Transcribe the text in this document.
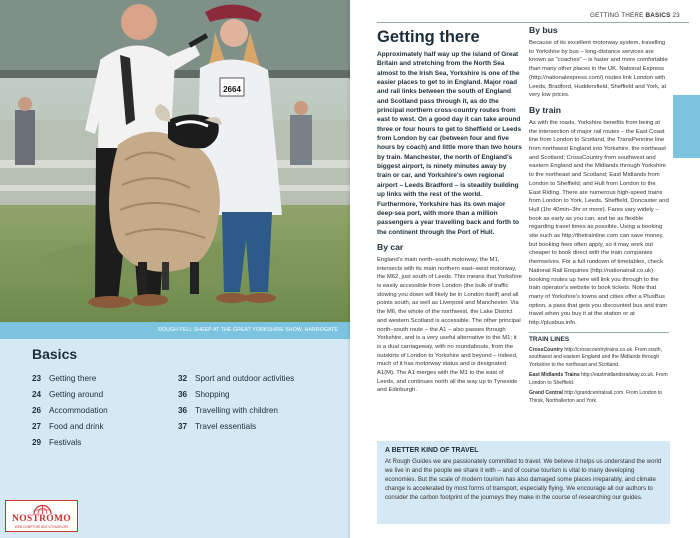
2664
ROUGH FELL SHEEP AT THE GREAT YORKSHIRE SHOW, HARROGATE
Basics
23 Getting there
24 Getting around
26 Accommodation
27 Food and drink
29 Festivals
32 Sport and outdoor activities
36 Shopping
36 Travelling with children
37 Travel essentials
NOSTROMO
WEB COMPTOIR DES VOYAGEURS
GETTING THERE BASICS 23
Getting there

Approximately half way up the island of Great Britain and stretching from the North Sea almost to the Irish Sea, Yorkshire is one of the easier places to get to in England. Major road and rail links between the south of England and Scotland pass through it, as do the principal northern cross-country routes from east to west. On a good day it can take around three or four hours to get to Sheffield or Leeds from London by car (between four and five hours by coach) and little more than two hours by train. Manchester, the north of England's biggest airport, is ninety minutes away by train or car, and Yorkshire's own regional airport – Leeds Bradford – is steadily building up links with the rest of the world. Furthermore, Yorkshire has its own major deep-sea port, with more than a million passengers a year travelling back and forth to the continent through the Port of Hull.

By car

England's main north–south motorway, the M1, intersects with its main northern east–west motorway, the M62, just south of Leeds. This means that Yorkshire is easily accessible from London (the bulk of traffic slowing you down will likely be in London itself) and all points south, as well as Liverpool and Manchester. Via the M6, the whole of the northwest, the Lake District and western Scotland is accessible. The other principal north–south route – the A1 – also passes through Yorkshire, and is a very useful alternative to the M1; it is a dual carriageway, with no roundabouts, from the outskirts of London to Yorkshire and beyond – indeed, much of it has motorway status and is designated A1(M). The A1 merges with the M1 to the east of Leeds, and continues north all the way up to Tyneside and Edinburgh.

By bus

Because of its excellent motorway system, travelling to Yorkshire by bus – long-distance services are known as "coaches" – is faster and more comfortable than many other places in the UK. National Express (http://nationalexpress.com/) routes link London with Leeds, Bradford, Huddersfield, Sheffield and York, at very low prices.

By train

As with the roads, Yorkshire benefits from being at the intersection of major rail routes – the East Coast line from London to Scotland, the TransPennine line from northwest England into Yorkshire, the northeast and Scotland; CrossCountry from southwest and eastern England and the Midlands through Yorkshire to the northeast and Scotland; East Midlands from London to Sheffield; and Hull from London to the East Riding. There are numerous high-speed trains from London to York, Leeds, Sheffield, Doncaster and Hull (1hr 40min–3hr or more). Fares vary widely – book as early as you can, and be as flexible regarding travel times as possible. Using a booking site such as http://thetrainline.com can save money, but booking fees often apply, so it may work out cheaper to book direct with the train companies themselves. For a full rundown of timetables, check National Rail Enquiries (http://nationalrail.co.uk) booking routes up here will link you through to the train operator's website to book tickets. Note that many of Yorkshire's towns and cities offer a PlusBus option, a pass that gets you discounted bus and tram travel when you buy it at the station or at http://plusbus.info.

TRAIN LINES

CrossCountry http://crosscountrytrains.co.uk. From south, southwest and eastern England and the Midlands through Yorkshire to the northeast and Scotland.

East Midlands Trains http://eastmidlandsrailway.co.uk. From London to Sheffield.

Grand Central http://grandcentralrail.com. From London to Thirsk, Northallerton and York.

A BETTER KIND OF TRAVEL

At Rough Guides we are passionately committed to travel. We believe it helps us understand the world we live in and the people we share it with – and of course tourism is vital to many developing economies. But the scale of modern tourism has also damaged some places irreparably, and climate change is accelerated by most forms of transport, especially flying. We encourage all our authors to consider the carbon footprint of the journeys they make in the course of researching our guides.
